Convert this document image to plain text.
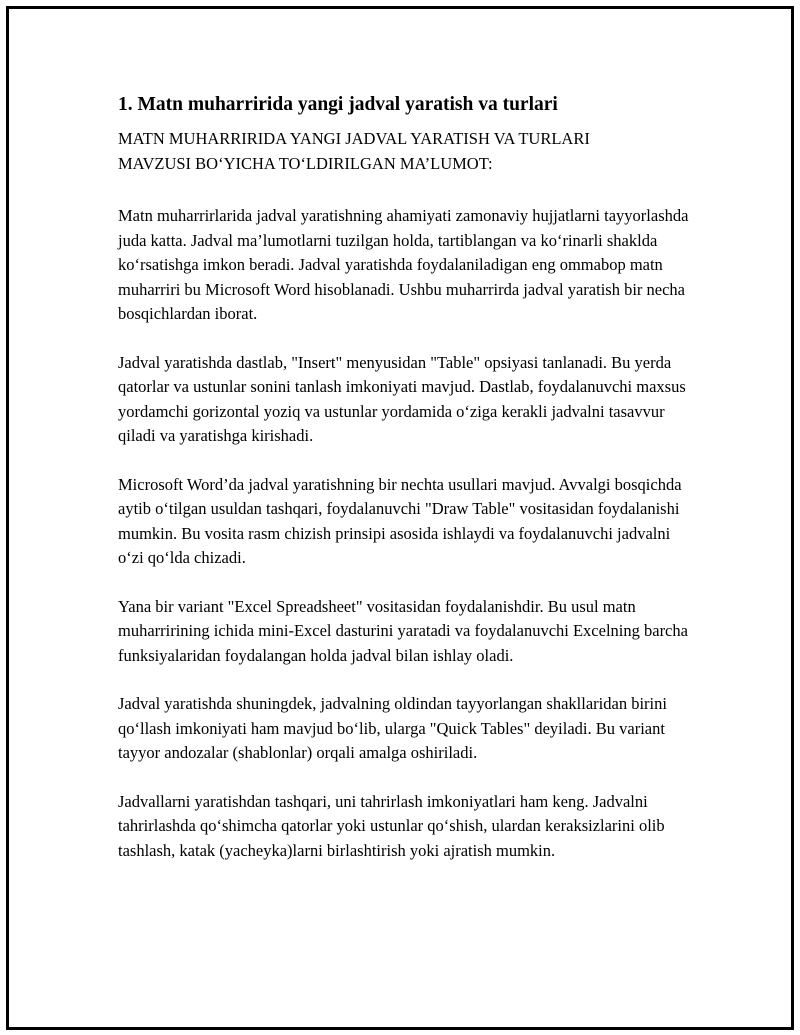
1. Matn muharririda yangi jadval yaratish va turlari
MATN MUHARRIRIDA YANGI JADVAL YARATISH VA TURLARI
MAVZUSI BO‘YICHA TO‘LDIRILGAN MA’LUMOT:

Matn muharrirlarida jadval yaratishning ahamiyati zamonaviy hujjatlarni tayyorlashda juda katta. Jadval ma’lumotlarni tuzilgan holda, tartiblangan va ko‘rinarli shaklda ko‘rsatishga imkon beradi. Jadval yaratishda foydalaniladigan eng ommabop matn muharriri bu Microsoft Word hisoblanadi. Ushbu muharrirda jadval yaratish bir necha bosqichlardan iborat.

Jadval yaratishda dastlab, "Insert" menyusidan "Table" opsiyasi tanlanadi. Bu yerda qatorlar va ustunlar sonini tanlash imkoniyati mavjud. Dastlab, foydalanuvchi maxsus yordamchi gorizontal yoziq va ustunlar yordamida o‘ziga kerakli jadvalni tasavvur qiladi va yaratishga kirishadi.

Microsoft Word’da jadval yaratishning bir nechta usullari mavjud. Avvalgi bosqichda aytib o‘tilgan usuldan tashqari, foydalanuvchi "Draw Table" vositasidan foydalanishi mumkin. Bu vosita rasm chizish prinsipi asosida ishlaydi va foydalanuvchi jadvalni o‘zi qo‘lda chizadi.

Yana bir variant "Excel Spreadsheet" vositasidan foydalanishdir. Bu usul matn muharririning ichida mini-Excel dasturini yaratadi va foydalanuvchi Excelning barcha funksiyalaridan foydalangan holda jadval bilan ishlay oladi.

Jadval yaratishda shuningdek, jadvalning oldindan tayyorlangan shakllaridan birini qo‘llash imkoniyati ham mavjud bo‘lib, ularga "Quick Tables" deyiladi. Bu variant tayyor andozalar (shablonlar) orqali amalga oshiriladi.

Jadvallarni yaratishdan tashqari, uni tahrirlash imkoniyatlari ham keng. Jadvalni tahrirlashda qo‘shimcha qatorlar yoki ustunlar qo‘shish, ulardan keraksizlarini olib tashlash, katak (yacheyka)larni birlashtirish yoki ajratish mumkin.
